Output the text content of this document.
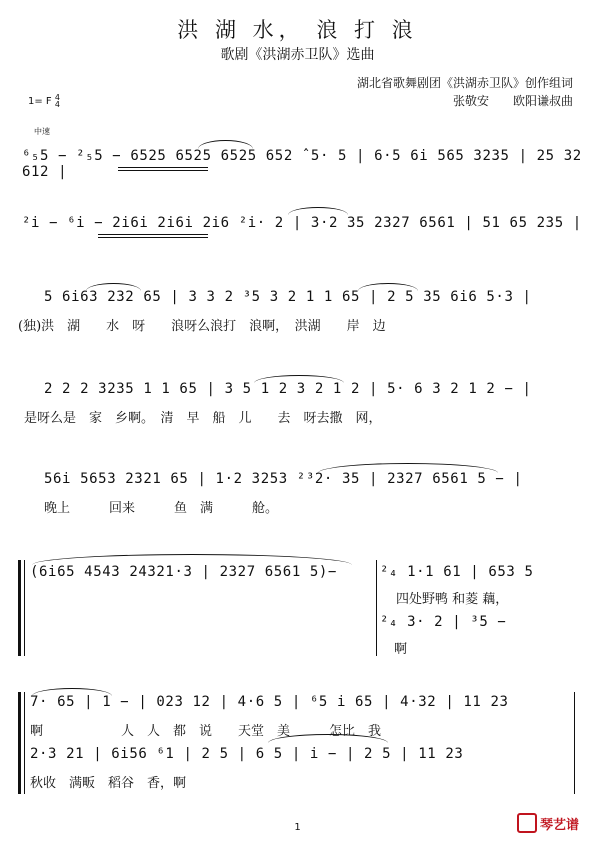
洪 湖 水， 浪 打 浪
歌剧《洪湖赤卫队》选曲
湖北省歌舞剧团《洪湖赤卫队》创作组词
张敬安　　欧阳谦叔曲
1= F 4
4
中速
⁶₅5 − ²₅5 − 6525 6525 6525 652 ˆ5· 5 | 6·5 6i 565 3235 | 25 32 612 |
²i − ⁶i − 2i6i 2i6i 2i6 ²i· 2 | 3·2 35 2327 6561 | 51 65 235 |
5 6i63 232 65 | 3 3 2 ³5 3 2 1 1 65 | 2 5 35 6i6 5·3 |
(独)洪　湖　　水　呀　　浪呀么浪打　浪啊，　洪湖　　岸　边
2 2 2 3235 1 1 65 | 3 5 1 2 3 2 1 2 | 5· 6 3 2 1 2 − |
是呀么是　家　乡啊。　清　早　船　儿　　去　呀去撒　网，
56i 5653 2321 65 | 1·2 3253 ²³2· 35 | 2327 6561 5 − |
晚上　　　回来　　　鱼　满　　　舱。
(6i65 4543 24321·3 | 2327 6561 5)−	²₄ 1·1 61 | 653 5
四处野鸭 和菱 藕，
²₄ 3· 2 | ³5 −
啊
7· 65 | 1 − | 023 12 | 4·6 5 | ⁶5 i 65 | 4·32 | 11 23
啊　　　　　　人　人　都　说　　天堂　美　　　怎比　我
2·3 21 | 6i56 ⁶1 | 2 5 | 6 5 | i − | 2 5 | 11 23
秋收　满畈　稻谷　香，啊
1	琴艺谱
